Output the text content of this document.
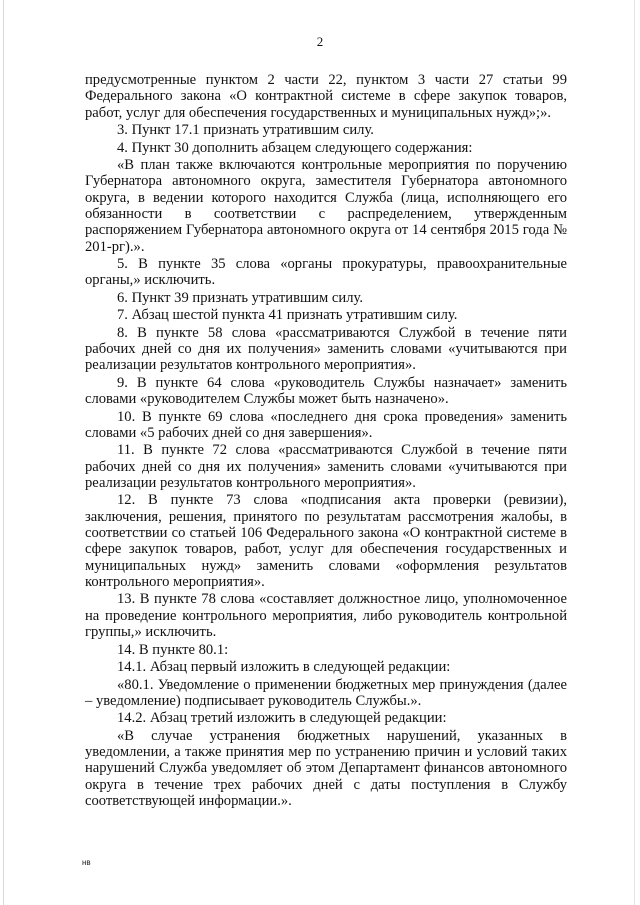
2

предусмотренные пунктом 2 части 22, пунктом 3 части 27 статьи 99 Федерального закона «О контрактной системе в сфере закупок товаров, работ, услуг для обеспечения государственных и муниципальных нужд»;».

3. Пункт 17.1 признать утратившим силу.

4. Пункт 30 дополнить абзацем следующего содержания:

«В план также включаются контрольные мероприятия по поручению Губернатора автономного округа, заместителя Губернатора автономного округа, в ведении которого находится Служба (лица, исполняющего его обязанности в соответствии с распределением, утвержденным распоряжением Губернатора автономного округа от 14 сентября 2015 года № 201-рг).».

5. В пункте 35 слова «органы прокуратуры, правоохранительные органы,» исключить.

6. Пункт 39 признать утратившим силу.

7. Абзац шестой пункта 41 признать утратившим силу.

8. В пункте 58 слова «рассматриваются Службой в течение пяти рабочих дней со дня их получения» заменить словами «учитываются при реализации результатов контрольного мероприятия».

9. В пункте 64 слова «руководитель Службы назначает» заменить словами «руководителем Службы может быть назначено».

10. В пункте 69 слова «последнего дня срока проведения» заменить словами «5 рабочих дней со дня завершения».

11. В пункте 72 слова «рассматриваются Службой в течение пяти рабочих дней со дня их получения» заменить словами «учитываются при реализации результатов контрольного мероприятия».

12. В пункте 73 слова «подписания акта проверки (ревизии), заключения, решения, принятого по результатам рассмотрения жалобы, в соответствии со статьей 106 Федерального закона «О контрактной системе в сфере закупок товаров, работ, услуг для обеспечения государственных и муниципальных нужд» заменить словами «оформления результатов контрольного мероприятия».

13. В пункте 78 слова «составляет должностное лицо, уполномоченное на проведение контрольного мероприятия, либо руководитель контрольной группы,» исключить.

14. В пункте 80.1:

14.1. Абзац первый изложить в следующей редакции:

«80.1. Уведомление о применении бюджетных мер принуждения (далее – уведомление) подписывает руководитель Службы.».

14.2. Абзац третий изложить в следующей редакции:

«В случае устранения бюджетных нарушений, указанных в уведомлении, а также принятия мер по устранению причин и условий таких нарушений Служба уведомляет об этом Департамент финансов автономного округа в течение трех рабочих дней с даты поступления в Службу соответствующей информации.».

нв
